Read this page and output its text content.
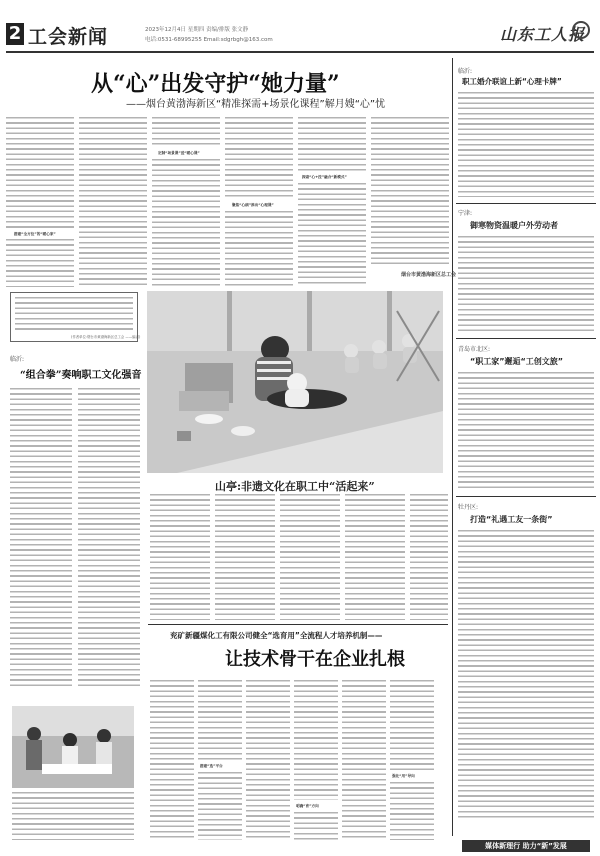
2 工会新闻	2023年12月4日 星期四 责编/排版 张文静
电话:0531-68995255 Email:sdgrbgh@163.com	山东工人报
从“心”出发守护“她力量”
——烟台黄渤海新区“精准探需+场景化课程”解月嫂“心”忧
搭建“全方位”的“暖心家”
定制“场景课”送“暖心课”
聚焦“心病”推出“心理课”
探索“心+技”融合“新模式”
烟台市黄渤海新区总工会
(作者单位:烟台市黄渤海新区总工会 ——编者)
山亭:非遗文化在职工中“活起来”
临沂:
“组合拳”奏响职工文化强音
兖矿新疆煤化工有限公司健全“选育用”全流程人才培养机制——
让技术骨干在企业扎根
搭建“选”平台
明确“育”方向
强化“用”导向
临沂:
职工婚介联谊上新“心理卡牌”
宁津:
御寒物资温暖户外劳动者
青岛市北区:
“职工家”邂逅“工创文旅”
牡丹区:
打造“礼遇工友一条街”
媒体新理行 助力“新”发展
